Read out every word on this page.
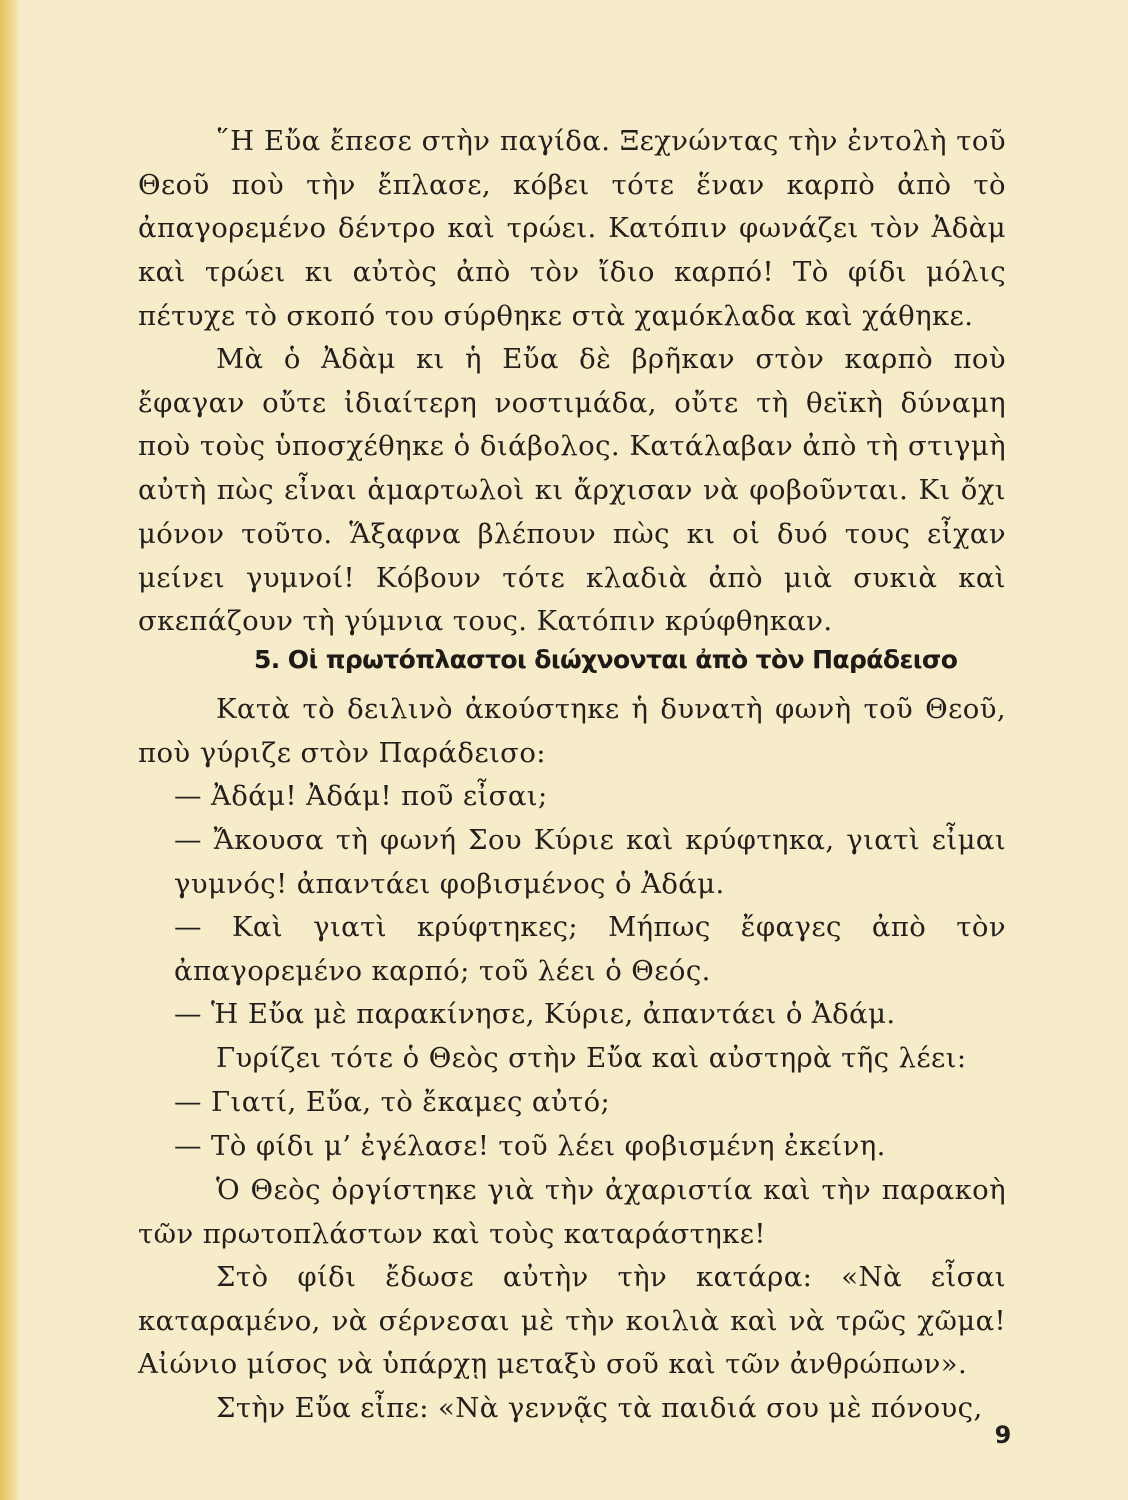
῞Η Εὔα ἔπεσε στὴν παγίδα. Ξεχνώντας τὴν ἐντολὴ τοῦ Θεοῦ ποὺ τὴν ἔπλασε, κόβει τότε ἕναν καρπὸ ἀπὸ τὸ ἀπαγορεμένο δέντρο καὶ τρώει. Κατόπιν φωνάζει τὸν Ἀδὰμ καὶ τρώει κι αὐτὸς ἀπὸ τὸν ἴδιο καρπό! Τὸ φίδι μόλις πέτυχε τὸ σκοπό του σύρθηκε στὰ χαμόκλαδα καὶ χάθηκε.

Μὰ ὁ Ἀδὰμ κι ἡ Εὔα δὲ βρῆκαν στὸν καρπὸ ποὺ ἔφαγαν οὔτε ἰδιαίτερη νοστιμάδα, οὔτε τὴ θεϊκὴ δύναμη ποὺ τοὺς ὑποσχέθηκε ὁ διάβολος. Κατάλαβαν ἀπὸ τὴ στιγμὴ αὐτὴ πὼς εἶναι ἁμαρτωλοὶ κι ἄρχισαν νὰ φοβοῦνται. Κι ὄχι μόνον τοῦτο. Ἅξαφνα βλέπουν πὼς κι οἱ δυό τους εἶχαν μείνει γυμνοί! Κόβουν τότε κλαδιὰ ἀπὸ μιὰ συκιὰ καὶ σκεπάζουν τὴ γύμνια τους. Κατόπιν κρύφθηκαν.

5. Οἱ πρωτόπλαστοι διώχνονται ἀπὸ τὸν Παράδεισο

Κατὰ τὸ δειλινὸ ἀκούστηκε ἡ δυνατὴ φωνὴ τοῦ Θεοῦ, ποὺ γύριζε στὸν Παράδεισο:

— Ἀδάμ! Ἀδάμ! ποῦ εἶσαι;

— Ἄκουσα τὴ φωνή Σου Κύριε καὶ κρύφτηκα, γιατὶ εἶμαι γυμνός! ἀπαντάει φοβισμένος ὁ Ἀδάμ.

— Καὶ γιατὶ κρύφτηκες; Μήπως ἔφαγες ἀπὸ τὸν ἀπαγορεμένο καρπό; τοῦ λέει ὁ Θεός.

— Ἡ Εὔα μὲ παρακίνησε, Κύριε, ἀπαντάει ὁ Ἀδάμ.

Γυρίζει τότε ὁ Θεὸς στὴν Εὔα καὶ αὐστηρὰ τῆς λέει:

— Γιατί, Εὔα, τὸ ἔκαμες αὐτό;

— Τὸ φίδι μ’ ἐγέλασε! τοῦ λέει φοβισμένη ἐκείνη.

Ὁ Θεὸς ὀργίστηκε γιὰ τὴν ἀχαριστία καὶ τὴν παρακοὴ τῶν πρωτοπλάστων καὶ τοὺς καταράστηκε!

Στὸ φίδι ἔδωσε αὐτὴν τὴν κατάρα: «Νὰ εἶσαι καταραμένο, νὰ σέρνεσαι μὲ τὴν κοιλιὰ καὶ νὰ τρῶς χῶμα! Αἰώνιο μίσος νὰ ὑπάρχῃ μεταξὺ σοῦ καὶ τῶν ἀνθρώπων».

Στὴν Εὔα εἶπε: «Νὰ γεννᾷς τὰ παιδιά σου μὲ πόνους,

9
